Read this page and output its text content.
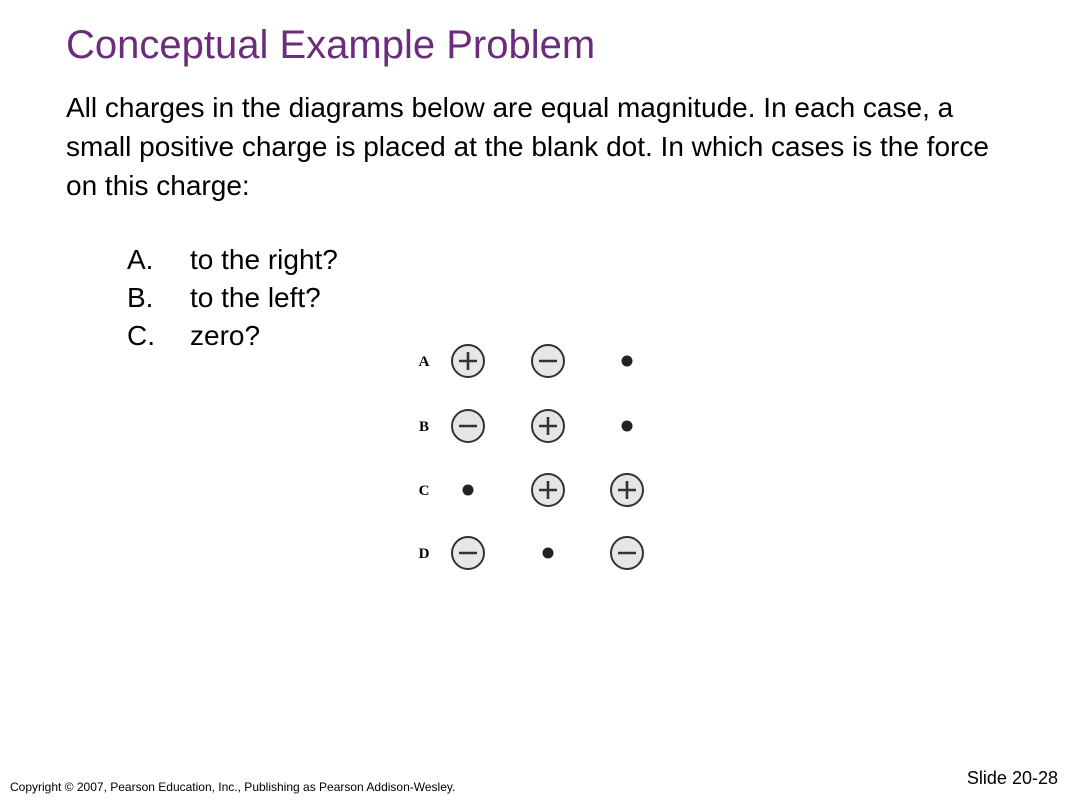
Conceptual Example Problem

All charges in the diagrams below are equal magnitude. In each case, a small positive charge is placed at the blank dot. In which cases is the force on this charge:

A. to the right?
B. to the left?
C. zero?
A
B
C
D
Copyright © 2007, Pearson Education, Inc., Publishing as Pearson Addison-Wesley.	Slide 20-28
